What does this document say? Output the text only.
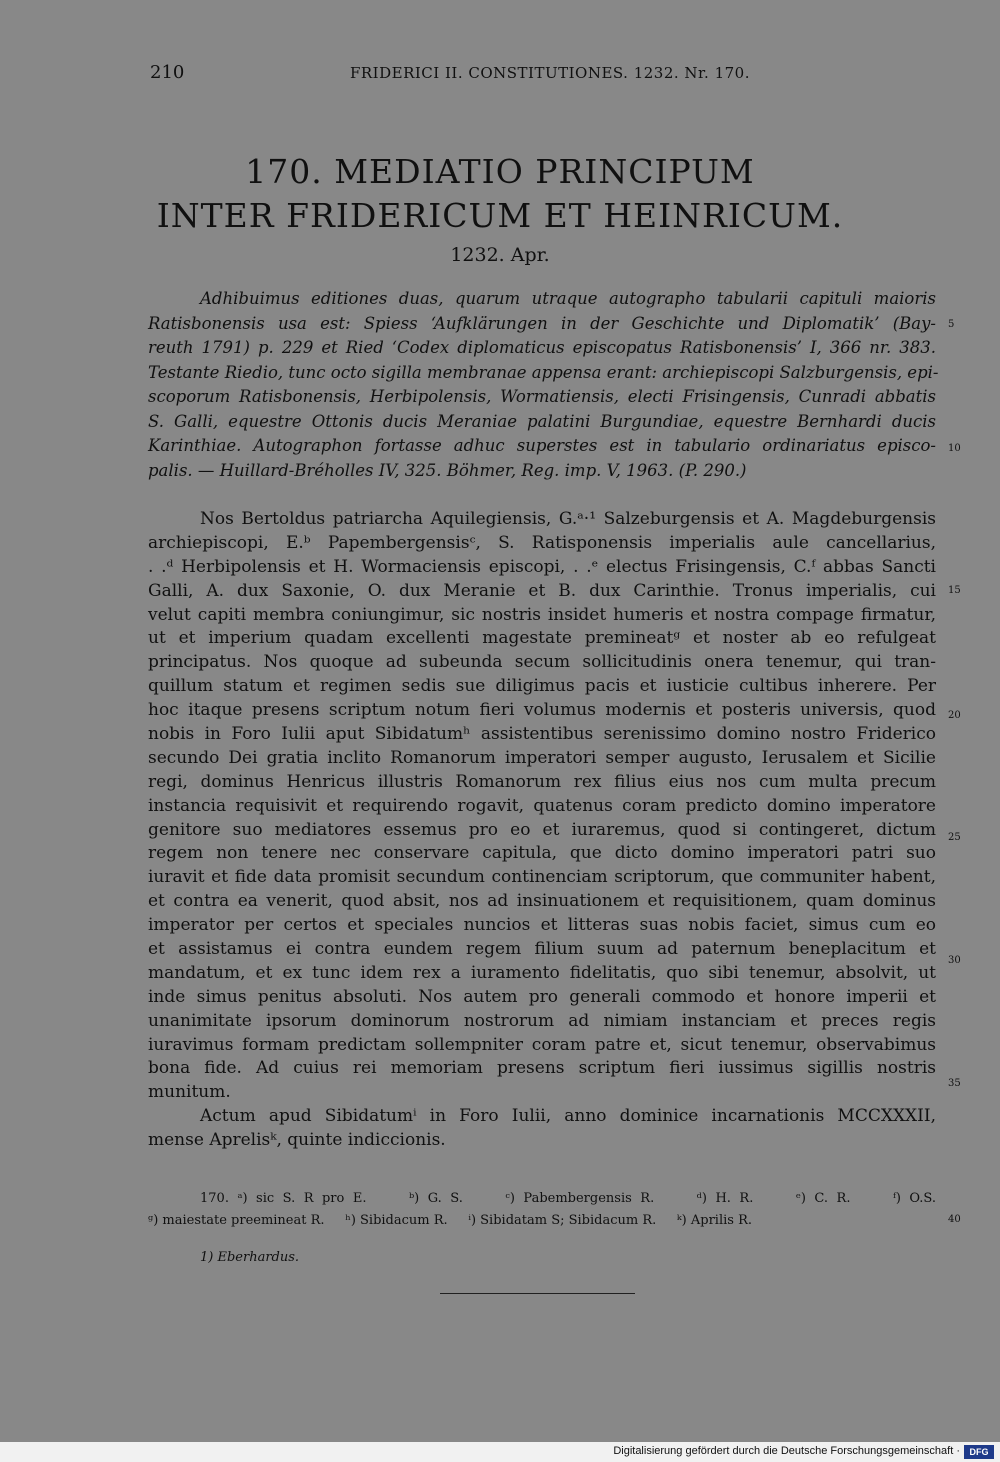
210	FRIDERICI II. CONSTITUTIONES. 1232. Nr. 170.
170. MEDIATIO PRINCIPUM
INTER FRIDERICUM ET HEINRICUM.
1232. Apr.
Adhibuimus editiones duas, quarum utraque autographo tabularii capituli maioris
Ratisbonensis usa est: Spiess ‘Aufklärungen in der Geschichte und Diplomatik’ (Bay-
reuth 1791) p. 229 et Ried ‘Codex diplomaticus episcopatus Ratisbonensis’ I, 366 nr. 383.
Testante Riedio, tunc octo sigilla membranae appensa erant: archiepiscopi Salzburgensis, epi-
scoporum Ratisbonensis, Herbipolensis, Wormatiensis, electi Frisingensis, Cunradi abbatis
S. Galli, equestre Ottonis ducis Meraniae palatini Burgundiae, equestre Bernhardi ducis
Karinthiae. Autographon fortasse adhuc superstes est in tabulario ordinariatus episco-
palis. — Huillard-Bréholles IV, 325. Böhmer, Reg. imp. V, 1963. (P. 290.)
Nos Bertoldus patriarcha Aquilegiensis, G.ᵃ·¹ Salzeburgensis et A. Magdeburgensis
archiepiscopi, E.ᵇ Papembergensisᶜ, S. Ratisponensis imperialis aule cancellarius,
. .ᵈ Herbipolensis et H. Wormaciensis episcopi, . .ᵉ electus Frisingensis, C.ᶠ abbas Sancti
Galli, A. dux Saxonie, O. dux Meranie et B. dux Carinthie. Tronus imperialis, cui
velut capiti membra coniungimur, sic nostris insidet humeris et nostra compage firmatur,
ut et imperium quadam excellenti magestate premineatᵍ et noster ab eo refulgeat
principatus. Nos quoque ad subeunda secum sollicitudinis onera tenemur, qui tran-
quillum statum et regimen sedis sue diligimus pacis et iusticie cultibus inherere. Per
hoc itaque presens scriptum notum fieri volumus modernis et posteris universis, quod
nobis in Foro Iulii aput Sibidatumʰ assistentibus serenissimo domino nostro Friderico
secundo Dei gratia inclito Romanorum imperatori semper augusto, Ierusalem et Sicilie
regi, dominus Henricus illustris Romanorum rex filius eius nos cum multa precum
instancia requisivit et requirendo rogavit, quatenus coram predicto domino imperatore
genitore suo mediatores essemus pro eo et iuraremus, quod si contingeret, dictum
regem non tenere nec conservare capitula, que dicto domino imperatori patri suo
iuravit et fide data promisit secundum continenciam scriptorum, que communiter habent,
et contra ea venerit, quod absit, nos ad insinuationem et requisitionem, quam dominus
imperator per certos et speciales nuncios et litteras suas nobis faciet, simus cum eo
et assistamus ei contra eundem regem filium suum ad paternum beneplacitum et
mandatum, et ex tunc idem rex a iuramento fidelitatis, quo sibi tenemur, absolvit, ut
inde simus penitus absoluti. Nos autem pro generali commodo et honore imperii et
unanimitate ipsorum dominorum nostrorum ad nimiam instanciam et preces regis
iuravimus formam predictam sollempniter coram patre et, sicut tenemur, observabimus
bona fide. Ad cuius rei memoriam presens scriptum fieri iussimus sigillis nostris
munitum.
Actum apud Sibidatumⁱ in Foro Iulii, anno dominice incarnationis MCCXXXII,
mense Aprelisᵏ, quinte indiccionis.
5
10
15
20
25
30
35
40
170. ᵃ) sic S. R pro E.     ᵇ) G. S.     ᶜ) Pabembergensis R.     ᵈ) H. R.     ᵉ) C. R.     ᶠ) O.S.
ᵍ) maiestate preemineat R.     ʰ) Sibidacum R.     ⁱ) Sibidatam S; Sibidacum R.     ᵏ) Aprilis R.
1) Eberhardus.
Digitalisierung gefördert durch die Deutsche Forschungsgemeinschaft ·	DFG
